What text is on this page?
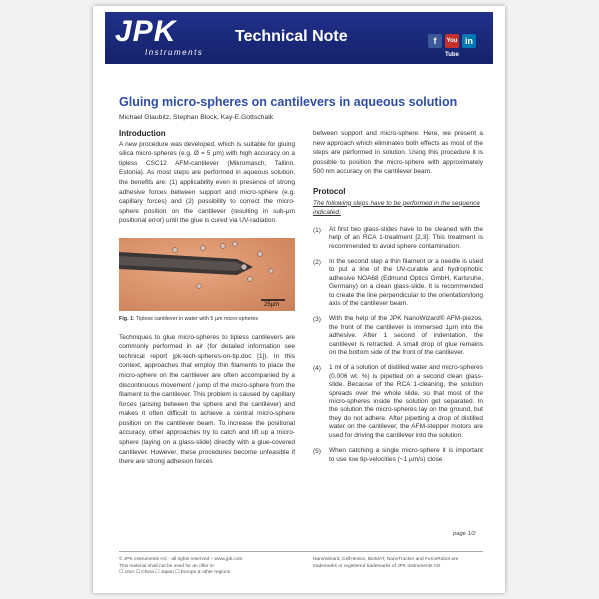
JPK
Instruments
Technical Note	f	You Tube
in
Gluing micro-spheres on cantilevers in aqueous solution
Michael Glaubitz, Stephan Block, Kay-E.Gottschalk
Introduction
A new procedure was developed, which is suitable for gluing silica micro-spheres (e.g. Ø = 5 µm) with high accuracy on a tipless CSC12 AFM-cantilever (Mikromasch, Tallinn, Estonia). As most steps are performed in aqueous solution, the benefits are: (1) applicability even in presence of strong adhesive forces between support and micro-sphere (e.g. capillary forces) and (2) possibility to correct the micro-sphere position on the cantilever (resulting in sub-µm positional error) until the glue is cured via UV-radiation.
25µm
Fig. 1: Tipless cantilever in water with 5 µm micro-spheres
Techniques to glue micro-spheres to tipless cantilevers are commonly performed in air (for detailed information see technical report jpk-tech-spheres-on-tip.doc [1]). In this context, approaches that employ thin filaments to place the micro-sphere on the cantilever are often accompanied by a discontinuous movement / jump of the micro-sphere from the filament to the cantilever. This problem is caused by capillary forces (arising between the sphere and the cantilever) and makes it often difficult to achieve a central micro-sphere position on the cantilever beam. To increase the positional accuracy, other approaches try to catch and lift up a micro-sphere (laying on a glass-slide) directly with a glue-covered cantilever. However, these procedures become unfeasible if there are strong adhesion forces
between support and micro-sphere. Here, we present a new approach which eliminates both effects as most of the steps are performed in solution. Using this procedure it is possible to position the micro-sphere with approximately 500 nm accuracy on the cantilever beam.
Protocol
The following steps have to be performed in the sequence indicated:
(1)	At first two glass-slides have to be cleaned with the help of an RCA 1-treatment [2,3]. This treatment is recommended to avoid sphere contamination.
(2)	In the second step a thin filament or a needle is used to put a line of the UV-curable and hydrophobic adhesive NOA68 (Edmund Optics GmbH, Karlsruhe, Germany) on a clean glass-slide. It is recommended to create the line perpendicular to the orientation/long axis of the cantilever beam.
(3)	With the help of the JPK NanoWizard® AFM-piezos, the front of the cantilever is immersed 1µm into the adhesive. After 1 second of indentation, the cantilever is retracted. A small drop of glue remains on the bottom side of the front of the cantilever.
(4)	1 ml of a solution of distilled water and micro-spheres (0.006 wt. %) is pipetted on a second clean glass-slide. Because of the RCA 1-cleaning, the solution spreads over the whole slide, so that most of the micro-spheres inside the solution get separated. In the solution the micro-spheres lay on the ground, but they do not adhere. After pipetting a drop of distilled water on the cantilever, the AFM-stepper motors are used for driving the cantilever into the solution.
(5)	When catching a single micro-sphere it is important to use low tip-velocities (~1 µm/s) close
page 1/2
© JPK Instruments AG - all rights reserved – www.jpk.com
This material shall not be used for an offer in:
☐ USA ☐ China ☐ Japan ☐ Europe & other regions
NanoWizard, CellHesion, BioMAT, NanoTracker and ForceRobot are
trademarks or registered trademarks of JPK Instruments AG
